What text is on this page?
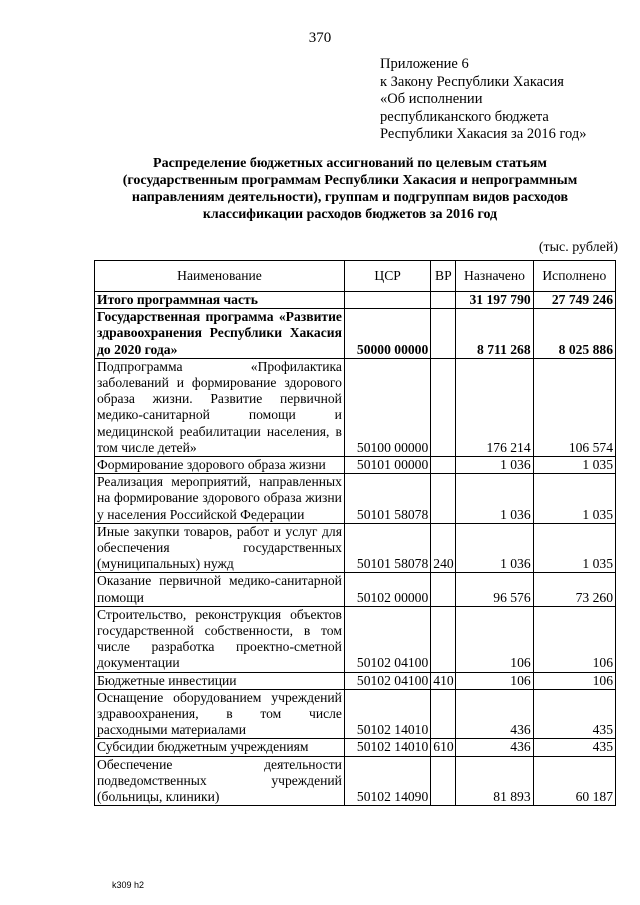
370
Приложение 6
к Закону Республики Хакасия
«Об исполнении
республиканского бюджета
Республики Хакасия за 2016 год»
Распределение бюджетных ассигнований по целевым статьям
(государственным программам Республики Хакасия и непрограммным
направлениям деятельности), группам и подгруппам видов расходов
классификации расходов бюджетов за 2016 год
(тыс. рублей)
Наименование	ЦСР	ВР	Назначено	Исполнено
Итого программная часть			31 197 790	27 749 246
Государственная программа «Развитие здравоохранения Республики Хакасия до 2020 года»	50000 00000		8 711 268	8 025 886
Подпрограмма «Профилактика заболеваний и формирование здорового образа жизни. Развитие первичной медико-санитарной помощи и медицинской реабилитации населения, в том числе детей»	50100 00000		176 214	106 574
Формирование здорового образа жизни	50101 00000		1 036	1 035
Реализация мероприятий, направленных на формирование здорового образа жизни у населения Российской Федерации	50101 58078		1 036	1 035
Иные закупки товаров, работ и услуг для обеспечения государственных (муниципальных) нужд	50101 58078	240	1 036	1 035
Оказание первичной медико-санитарной помощи	50102 00000		96 576	73 260
Строительство, реконструкция объектов государственной собственности, в том числе разработка проектно-сметной документации	50102 04100		106	106
Бюджетные инвестиции	50102 04100	410	106	106
Оснащение оборудованием учреждений здравоохранения, в том числе расходными материалами	50102 14010		436	435
Субсидии бюджетным учреждениям	50102 14010	610	436	435
Обеспечение деятельности подведомственных учреждений (больницы, клиники)	50102 14090		81 893	60 187
k309 h2
